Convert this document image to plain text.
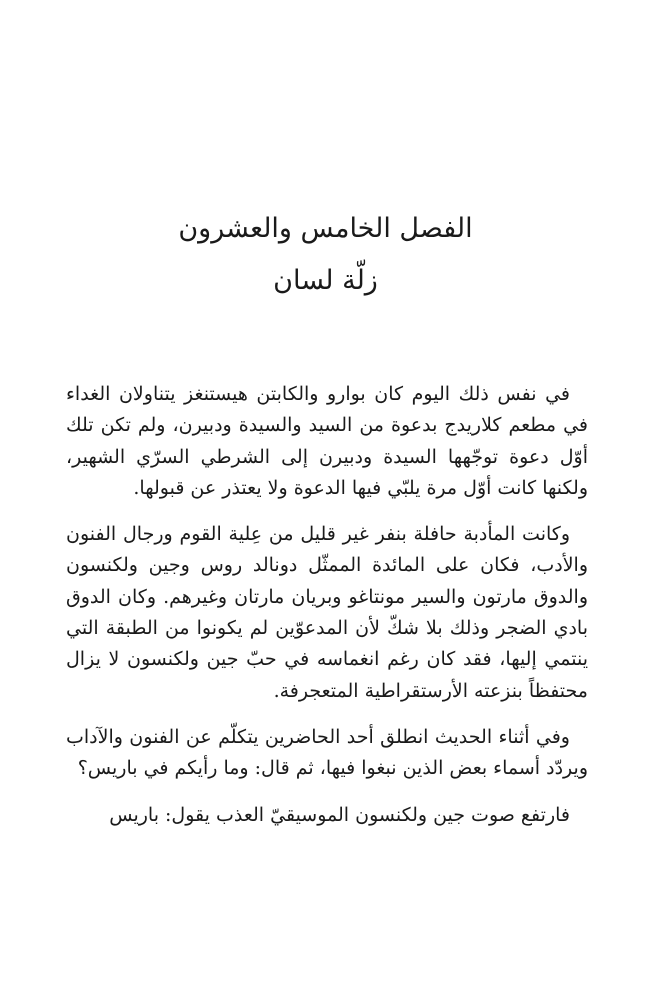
الفصل الخامس والعشرون
زلّة لسان

في نفس ذلك اليوم كان بوارو والكابتن هيستنغز يتناولان الغداء في مطعم كلاريدج بدعوة من السيد والسيدة ودبيرن، ولم تكن تلك أوّل دعوة توجّهها السيدة ودبيرن إلى الشرطي السرّي الشهير، ولكنها كانت أوّل مرة يلبّي فيها الدعوة ولا يعتذر عن قبولها.

وكانت المأدبة حافلة بنفر غير قليل من عِلية القوم ورجال الفنون والأدب، فكان على المائدة الممثّل دونالد روس وجين ولكنسون والدوق مارتون والسير مونتاغو وبريان مارتان وغيرهم. وكان الدوق بادي الضجر وذلك بلا شكّ لأن المدعوّين لم يكونوا من الطبقة التي ينتمي إليها، فقد كان رغم انغماسه في حبّ جين ولكنسون لا يزال محتفظاً بنزعته الأرستقراطية المتعجرفة.

وفي أثناء الحديث انطلق أحد الحاضرين يتكلّم عن الفنون والآداب ويردّد أسماء بعض الذين نبغوا فيها، ثم قال: وما رأيكم في باريس؟

فارتفع صوت جين ولكنسون الموسيقيّ العذب يقول: باريس
